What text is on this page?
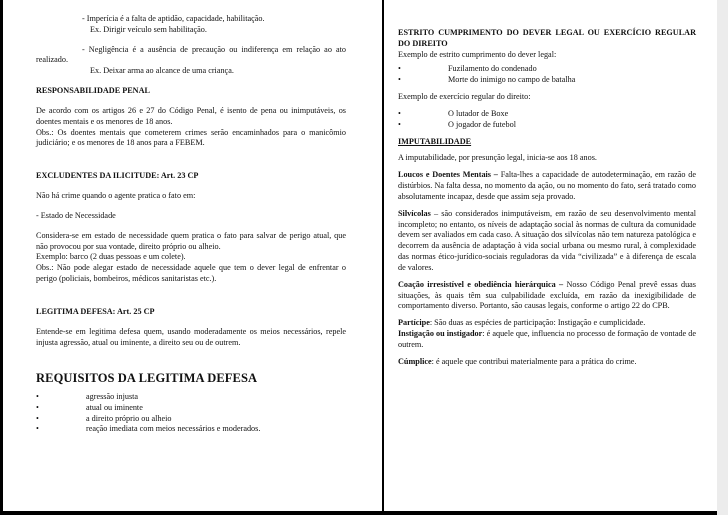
- Imperícia é a falta de aptidão, capacidade, habilitação.

Ex. Dirigir veículo sem habilitação.

- Negligência é a ausência de precaução ou indiferença em relação ao ato realizado.

Ex. Deixar arma ao alcance de uma criança.

RESPONSABILIDADE PENAL

De acordo com os artigos 26 e 27 do Código Penal, é isento de pena ou inimputáveis, os doentes mentais e os menores de 18 anos.

Obs.: Os doentes mentais que cometerem crimes serão encaminhados para o manicômio judiciário; e os menores de 18 anos para a FEBEM.

EXCLUDENTES DA ILICITUDE: Art. 23 CP

Não há crime quando o agente pratica o fato em:

- Estado de Necessidade

Considera-se em estado de necessidade quem pratica o fato para salvar de perigo atual, que não provocou por sua vontade, direito próprio ou alheio.

Exemplo: barco (2 duas pessoas e um colete).

Obs.: Não pode alegar estado de necessidade aquele que tem o dever legal de enfrentar o perigo (policiais, bombeiros, médicos sanitaristas etc.).

LEGITIMA DEFESA: Art. 25 CP

Entende-se em legitima defesa quem, usando moderadamente os meios necessários, repele injusta agressão, atual ou iminente, a direito seu ou de outrem.

REQUISITOS DA LEGITIMA DEFESA

• agressão injusta
• atual ou iminente
• a direito próprio ou alheio
• reação imediata com meios necessários e moderados.

ESTRITO CUMPRIMENTO DO DEVER LEGAL OU EXERCÍCIO REGULAR DO DIREITO

Exemplo de estrito cumprimento do dever legal:

• Fuzilamento do condenado
• Morte do inimigo no campo de batalha

Exemplo de exercício regular do direito:

• O lutador de Boxe
• O jogador de futebol

IMPUTABILIDADE

A imputabilidade, por presunção legal, inicia-se aos 18 anos.

Loucos e Doentes Mentais – Falta-lhes a capacidade de autodeterminação, em razão de distúrbios. Na falta dessa, no momento da ação, ou no momento do fato, será tratado como absolutamente incapaz, desde que assim seja provado.

Silvícolas – são considerados inimputáveism, em razão de seu desenvolvimento mental incompleto; no entanto, os níveis de adaptação social às normas de cultura da comunidade devem ser avaliados em cada caso. A situação dos silvícolas não tem natureza patológica e decorrem da ausência de adaptação à vida social urbana ou mesmo rural, à complexidade das normas ético-jurídico-sociais reguladoras da vida “civilizada” e à diferença de escala de valores.

Coação irresistível e obediência hierárquica – Nosso Código Penal prevê essas duas situações, às quais têm sua culpabilidade excluída, em razão da inexigibilidade de comportamento diverso. Portanto, são causas legais, conforme o artigo 22 do CPB.

Partícipe: São duas as espécies de participação: Instigação e cumplicidade.

Instigação ou instigador: é aquele que, influencia no processo de formação de vontade de outrem.

Cúmplice: é aquele que contribui materialmente para a prática do crime.
